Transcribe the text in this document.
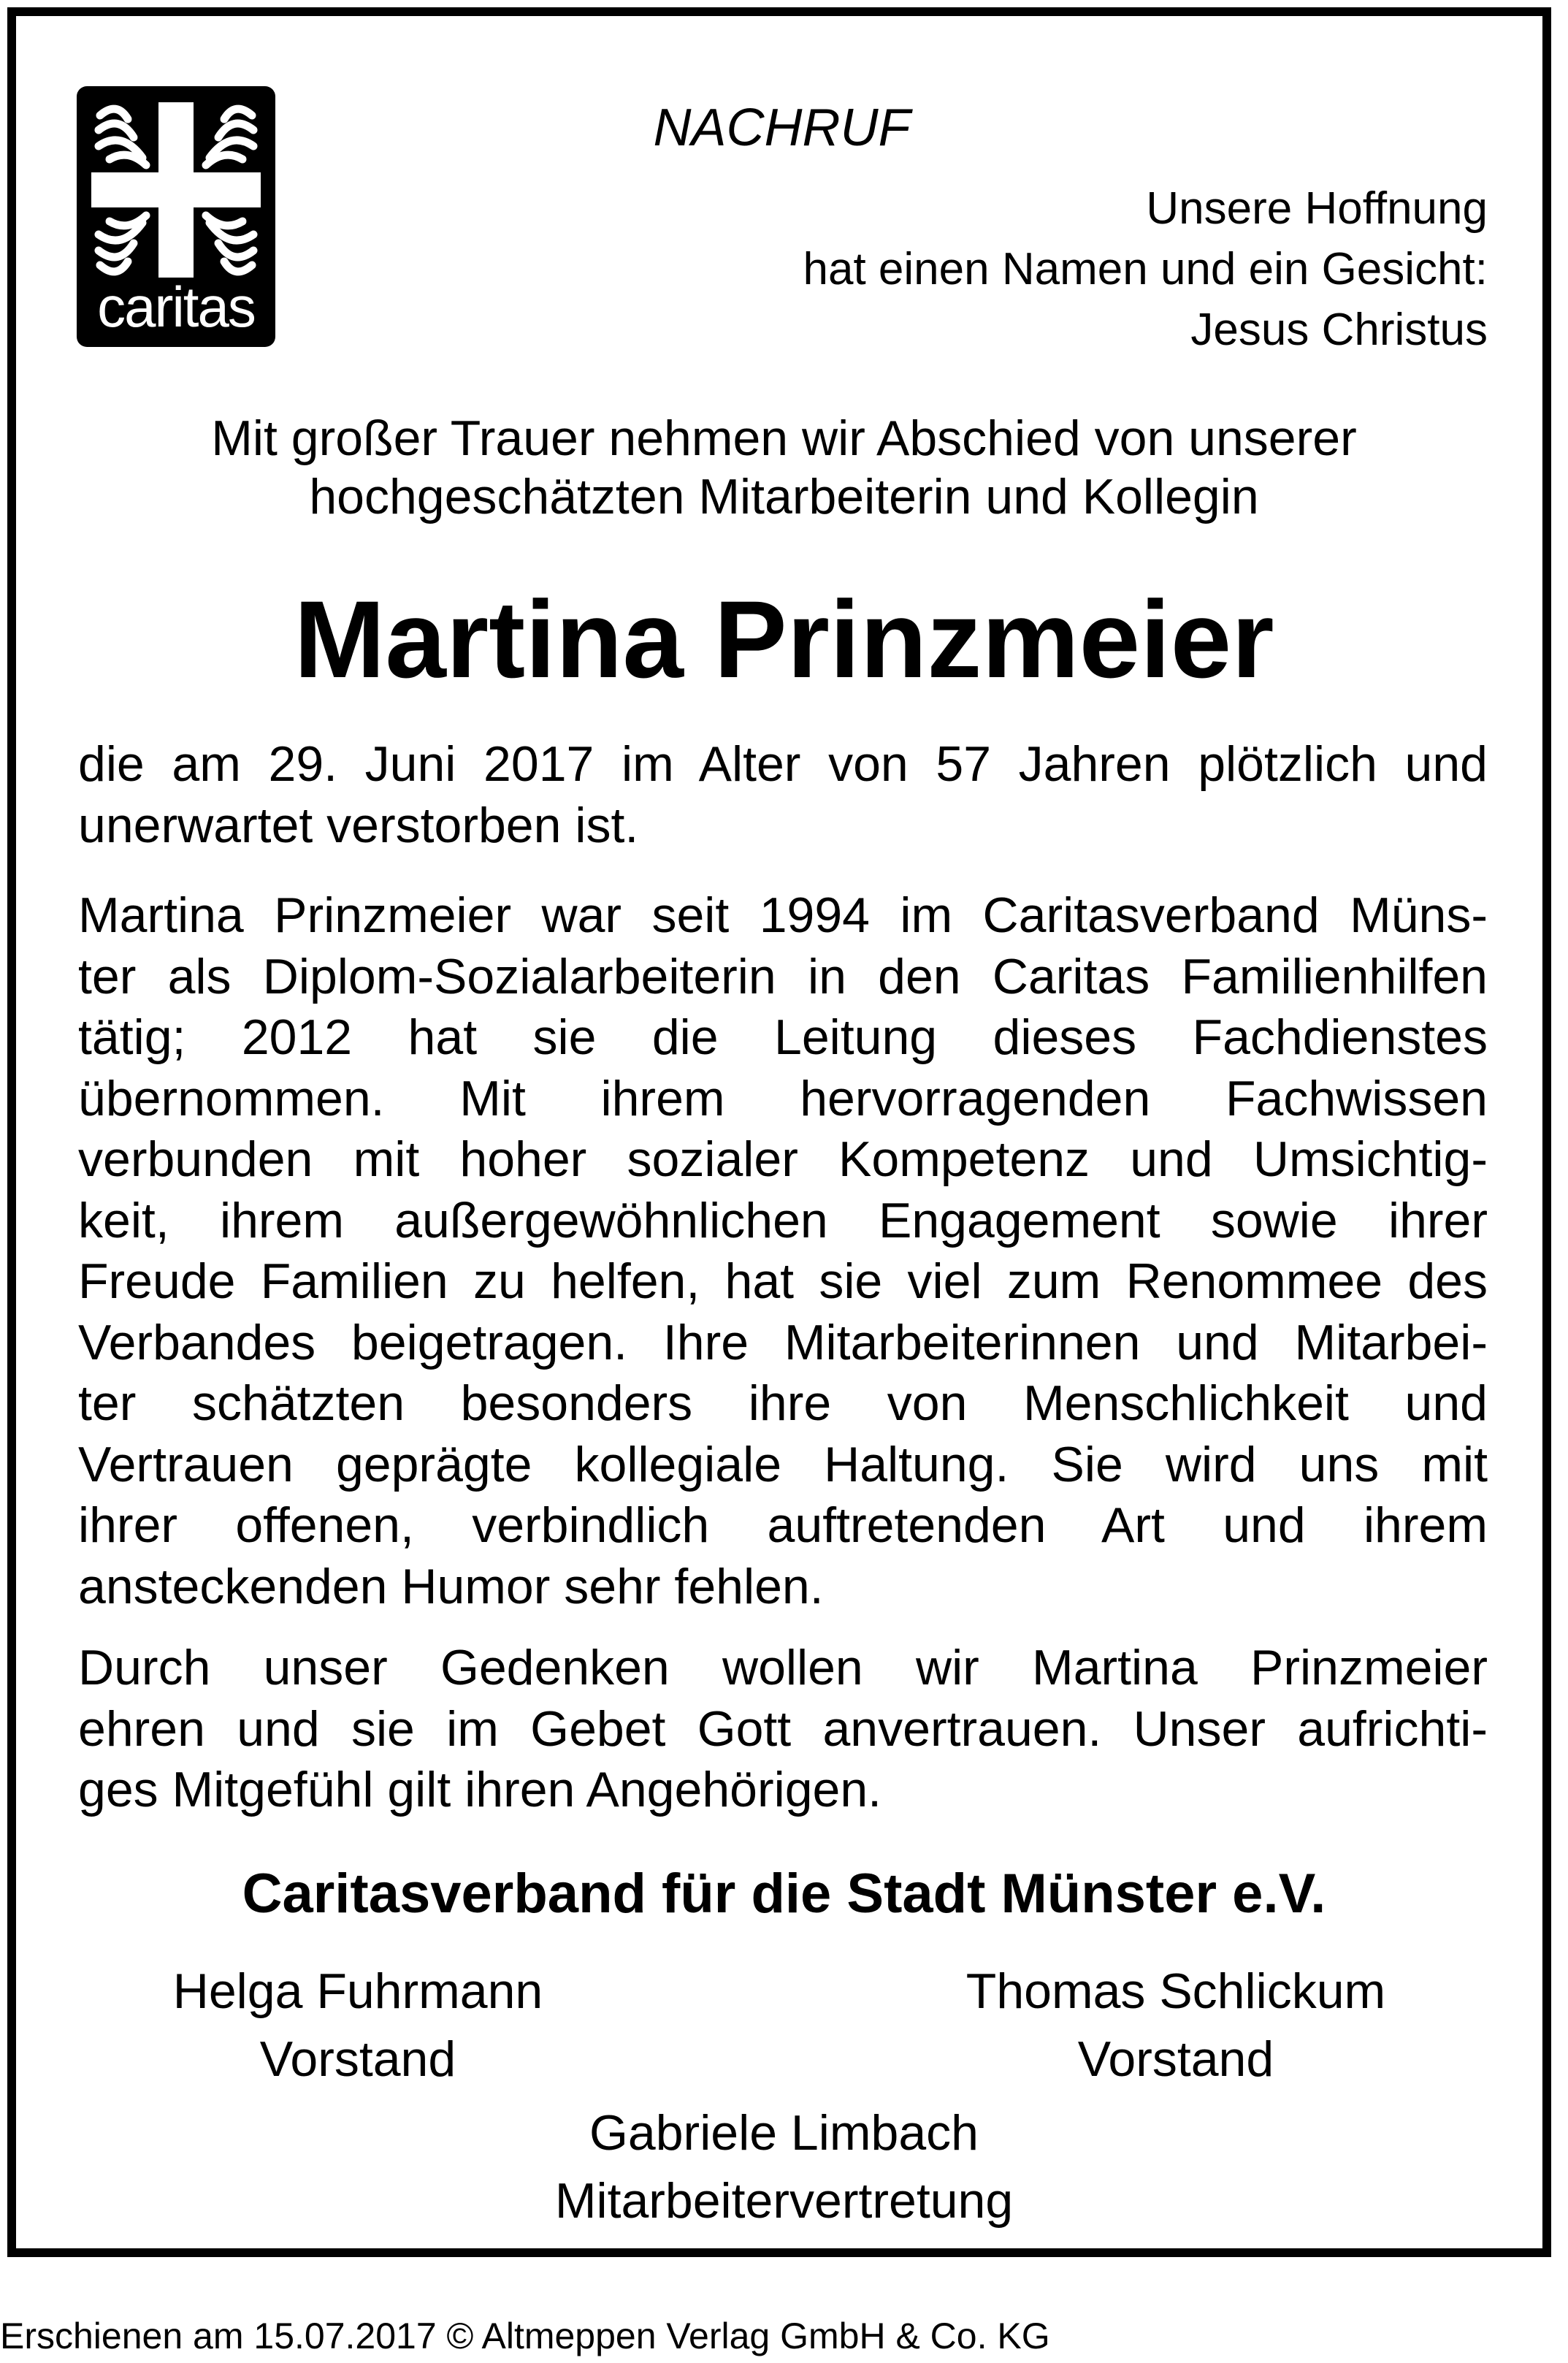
caritas
NACHRUF
Unsere Hoffnung
hat einen Namen und ein Gesicht:
Jesus Christus
Mit großer Trauer nehmen wir Abschied von unserer
hochgeschätzten Mitarbeiterin und Kollegin
Martina Prinzmeier
die am 29. Juni 2017 im Alter von 57 Jahren plötzlich und
unerwartet verstorben ist.
Martina Prinzmeier war seit 1994 im Caritasverband Müns-
ter als Diplom-Sozialarbeiterin in den Caritas Familienhilfen
tätig; 2012 hat sie die Leitung dieses Fachdienstes
übernommen. Mit ihrem hervorragenden Fachwissen
verbunden mit hoher sozialer Kompetenz und Umsichtig-
keit, ihrem außergewöhnlichen Engagement sowie ihrer
Freude Familien zu helfen, hat sie viel zum Renommee des
Verbandes beigetragen. Ihre Mitarbeiterinnen und Mitarbei-
ter schätzten besonders ihre von Menschlichkeit und
Vertrauen geprägte kollegiale Haltung. Sie wird uns mit
ihrer offenen, verbindlich auftretenden Art und ihrem
ansteckenden Humor sehr fehlen.
Durch unser Gedenken wollen wir Martina Prinzmeier
ehren und sie im Gebet Gott anvertrauen. Unser aufrichti-
ges Mitgefühl gilt ihren Angehörigen.
Caritasverband für die Stadt Münster e.V.
Helga Fuhrmann
Vorstand
Thomas Schlickum
Vorstand
Gabriele Limbach
Mitarbeitervertretung
Erschienen am 15.07.2017 © Altmeppen Verlag GmbH & Co. KG
